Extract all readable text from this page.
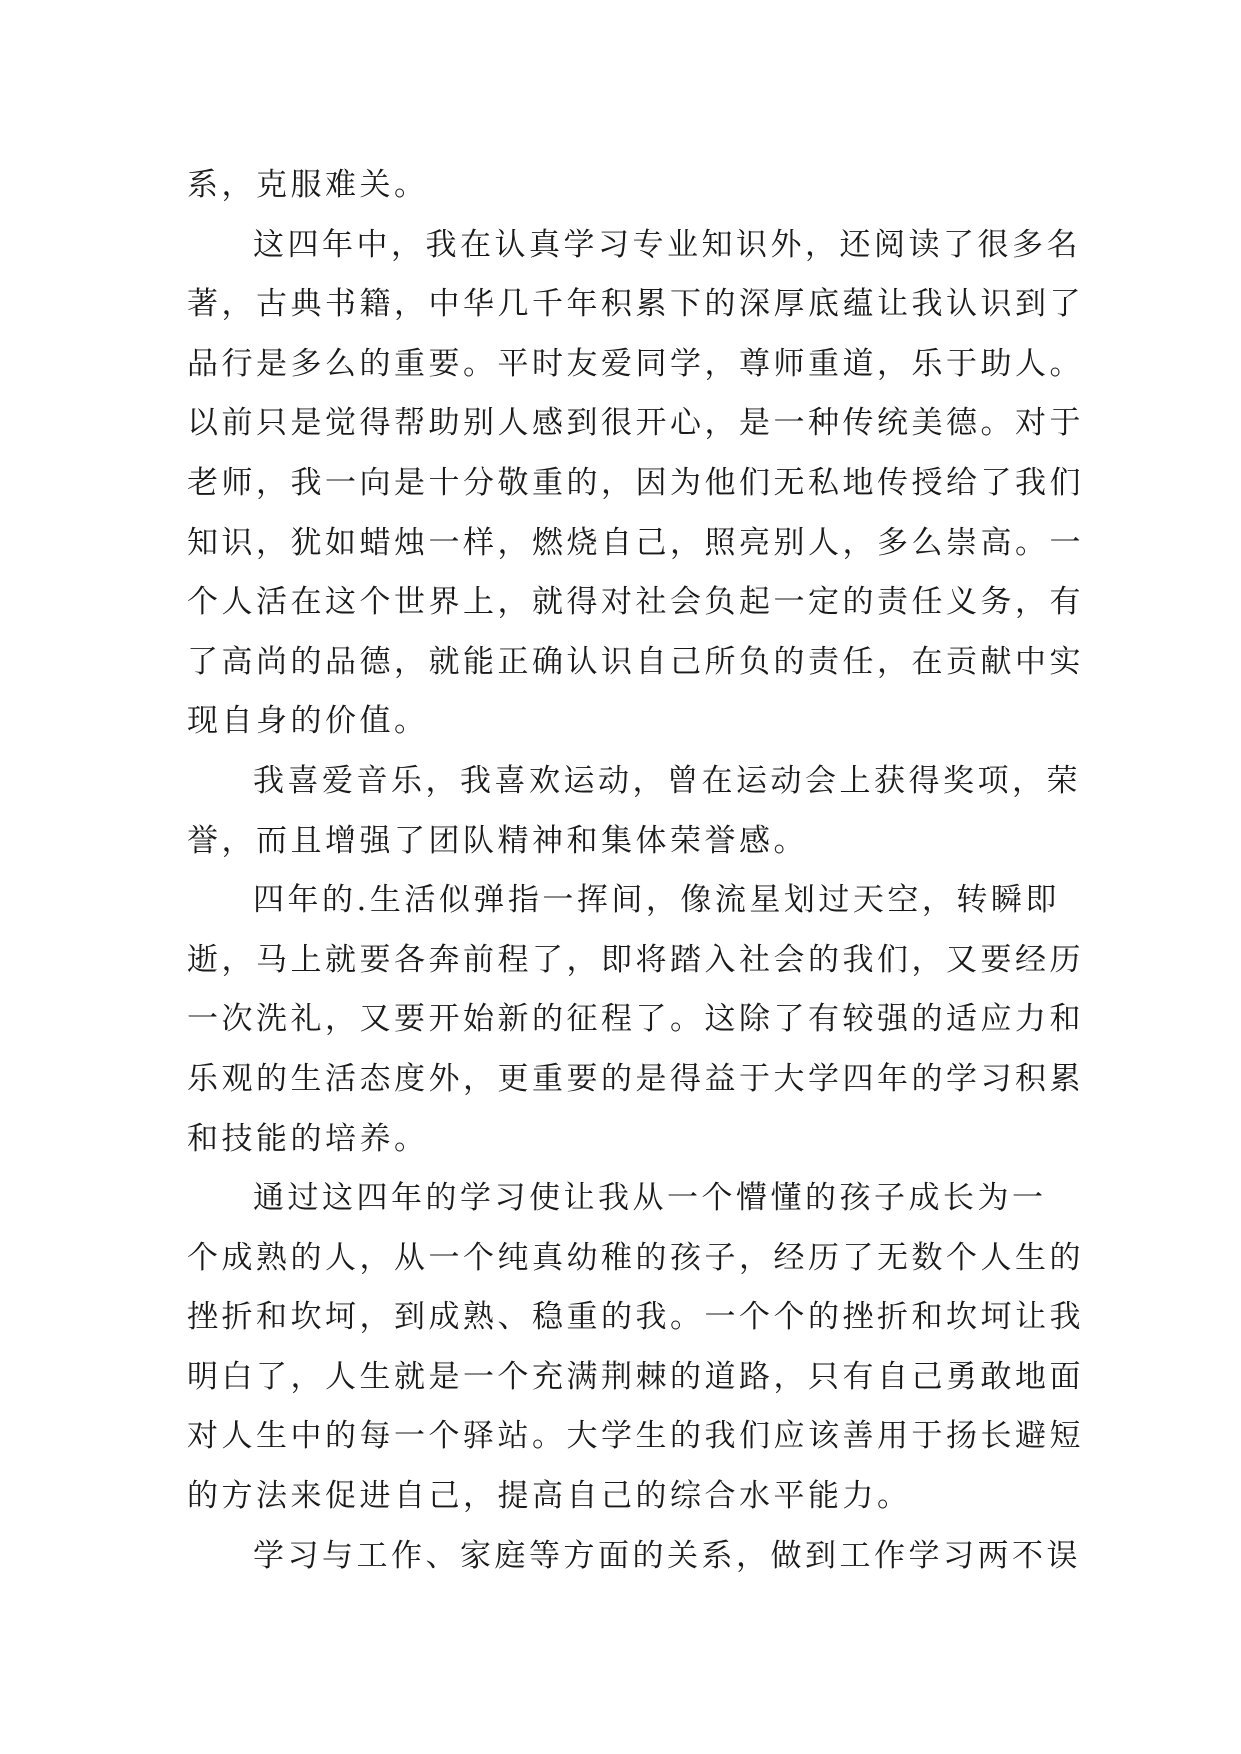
系，克服难关。
这四年中，我在认真学习专业知识外，还阅读了很多名
著，古典书籍，中华几千年积累下的深厚底蕴让我认识到了
品行是多么的重要。平时友爱同学，尊师重道，乐于助人。
以前只是觉得帮助别人感到很开心，是一种传统美德。对于
老师，我一向是十分敬重的，因为他们无私地传授给了我们
知识，犹如蜡烛一样，燃烧自己，照亮别人，多么崇高。一
个人活在这个世界上，就得对社会负起一定的责任义务，有
了高尚的品德，就能正确认识自己所负的责任，在贡献中实
现自身的价值。
我喜爱音乐，我喜欢运动，曾在运动会上获得奖项，荣
誉，而且增强了团队精神和集体荣誉感。
四年的.生活似弹指一挥间，像流星划过天空，转瞬即
逝，马上就要各奔前程了，即将踏入社会的我们，又要经历
一次洗礼，又要开始新的征程了。这除了有较强的适应力和
乐观的生活态度外，更重要的是得益于大学四年的学习积累
和技能的培养。
通过这四年的学习使让我从一个懵懂的孩子成长为一
个成熟的人，从一个纯真幼稚的孩子，经历了无数个人生的
挫折和坎坷，到成熟、稳重的我。一个个的挫折和坎坷让我
明白了，人生就是一个充满荆棘的道路，只有自己勇敢地面
对人生中的每一个驿站。大学生的我们应该善用于扬长避短
的方法来促进自己，提高自己的综合水平能力。
学习与工作、家庭等方面的关系，做到工作学习两不误
